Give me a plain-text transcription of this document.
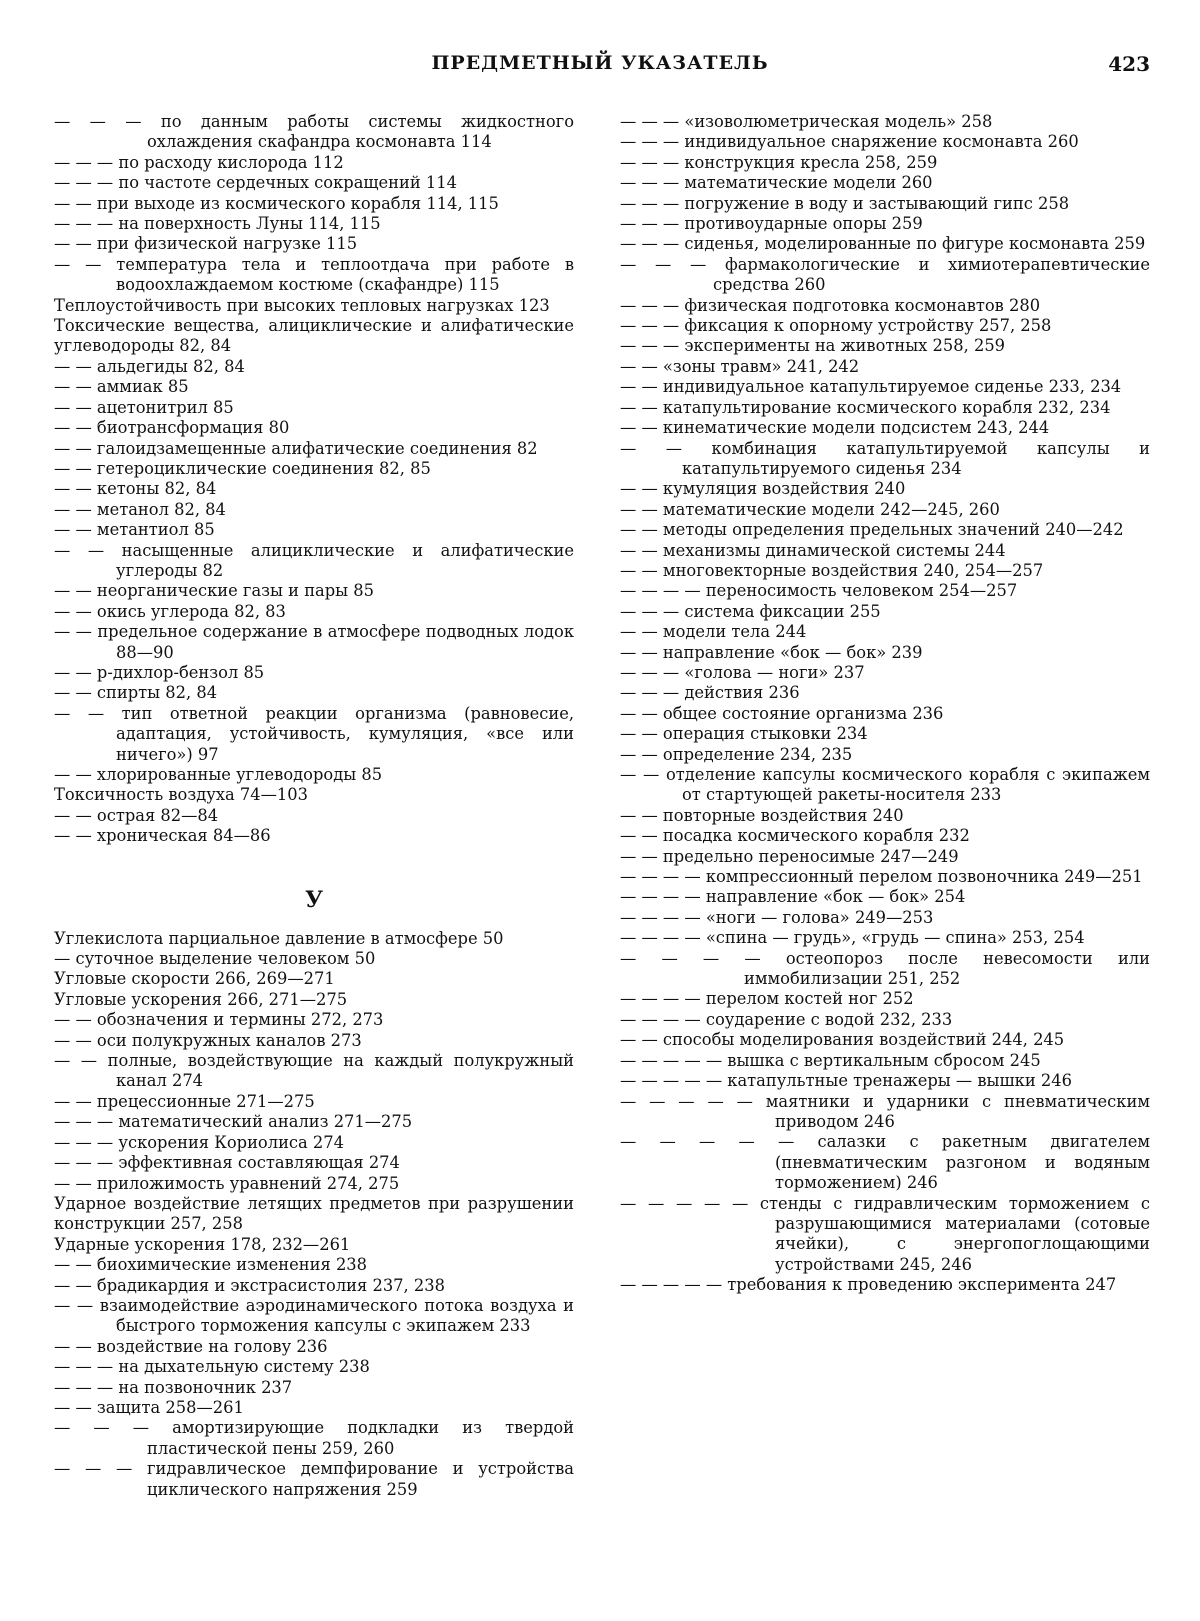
ПРЕДМЕТНЫЙ УКАЗАТЕЛЬ	423

— — — по данным работы системы жидкостного охлаждения скафандра космонавта 114

— — — по расходу кислорода 112

— — — по частоте сердечных сокращений 114

— — при выходе из космического корабля 114, 115

— — — на поверхность Луны 114, 115

— — при физической нагрузке 115

— — температура тела и теплоотдача при работе в водоохлаждаемом костюме (скафандре) 115

Теплоустойчивость при высоких тепловых нагрузках 123

Токсические вещества, алициклические и алифатические углеводороды 82, 84

— — альдегиды 82, 84

— — аммиак 85

— — ацетонитрил 85

— — биотрансформация 80

— — галоидзамещенные алифатические соединения 82

— — гетероциклические соединения 82, 85

— — кетоны 82, 84

— — метанол 82, 84

— — метантиол 85

— — насыщенные алициклические и алифатические углероды 82

— — неорганические газы и пары 85

— — окись углерода 82, 83

— — предельное содержание в атмосфере подводных лодок 88—90

— — р-дихлор-бензол 85

— — спирты 82, 84

— — тип ответной реакции организма (равновесие, адаптация, устойчивость, кумуляция, «все или ничего») 97

— — хлорированные углеводороды 85

Токсичность воздуха 74—103

— — острая 82—84

— — хроническая 84—86

У

Углекислота парциальное давление в атмосфере 50

— суточное выделение человеком 50

Угловые скорости 266, 269—271

Угловые ускорения 266, 271—275

— — обозначения и термины 272, 273

— — оси полукружных каналов 273

— — полные, воздействующие на каждый полукружный канал 274

— — прецессионные 271—275

— — — математический анализ 271—275

— — — ускорения Кориолиса 274

— — — эффективная составляющая 274

— — приложимость уравнений 274, 275

Ударное воздействие летящих предметов при разрушении конструкции 257, 258

Ударные ускорения 178, 232—261

— — биохимические изменения 238

— — брадикардия и экстрасистолия 237, 238

— — взаимодействие аэродинамического потока воздуха и быстрого торможения капсулы с экипажем 233

— — воздействие на голову 236

— — — на дыхательную систему 238

— — — на позвоночник 237

— — защита 258—261

— — — амортизирующие подкладки из твердой пластической пены 259, 260

— — — гидравлическое демпфирование и устройства циклического напряжения 259

— — — «изоволюметрическая модель» 258

— — — индивидуальное снаряжение космонавта 260

— — — конструкция кресла 258, 259

— — — математические модели 260

— — — погружение в воду и застывающий гипс 258

— — — противоударные опоры 259

— — — сиденья, моделированные по фигуре космонавта 259

— — — фармакологические и химиотерапевтические средства 260

— — — физическая подготовка космонавтов 280

— — — фиксация к опорному устройству 257, 258

— — — эксперименты на животных 258, 259

— — «зоны травм» 241, 242

— — индивидуальное катапультируемое сиденье 233, 234

— — катапультирование космического корабля 232, 234

— — кинематические модели подсистем 243, 244

— — комбинация катапультируемой капсулы и катапультируемого сиденья 234

— — кумуляция воздействия 240

— — математические модели 242—245, 260

— — методы определения предельных значений 240—242

— — механизмы динамической системы 244

— — многовекторные воздействия 240, 254—257

— — — — переносимость человеком 254—257

— — — система фиксации 255

— — модели тела 244

— — направление «бок — бок» 239

— — — «голова — ноги» 237

— — — действия 236

— — общее состояние организма 236

— — операция стыковки 234

— — определение 234, 235

— — отделение капсулы космического корабля с экипажем от стартующей ракеты-носителя 233

— — повторные воздействия 240

— — посадка космического корабля 232

— — предельно переносимые 247—249

— — — — компрессионный перелом позвоночника 249—251

— — — — направление «бок — бок» 254

— — — — «ноги — голова» 249—253

— — — — «спина — грудь», «грудь — спина» 253, 254

— — — — остеопороз после невесомости или иммобилизации 251, 252

— — — — перелом костей ног 252

— — — — соударение с водой 232, 233

— — способы моделирования воздействий 244, 245

— — — — — вышка с вертикальным сбросом 245

— — — — — катапультные тренажеры — вышки 246

— — — — — маятники и ударники с пневматическим приводом 246

— — — — — салазки с ракетным двигателем (пневматическим разгоном и водяным торможением) 246

— — — — — стенды с гидравлическим торможением с разрушающимися материалами (сотовые ячейки), с энергопоглощающими устройствами 245, 246

— — — — — требования к проведению эксперимента 247
